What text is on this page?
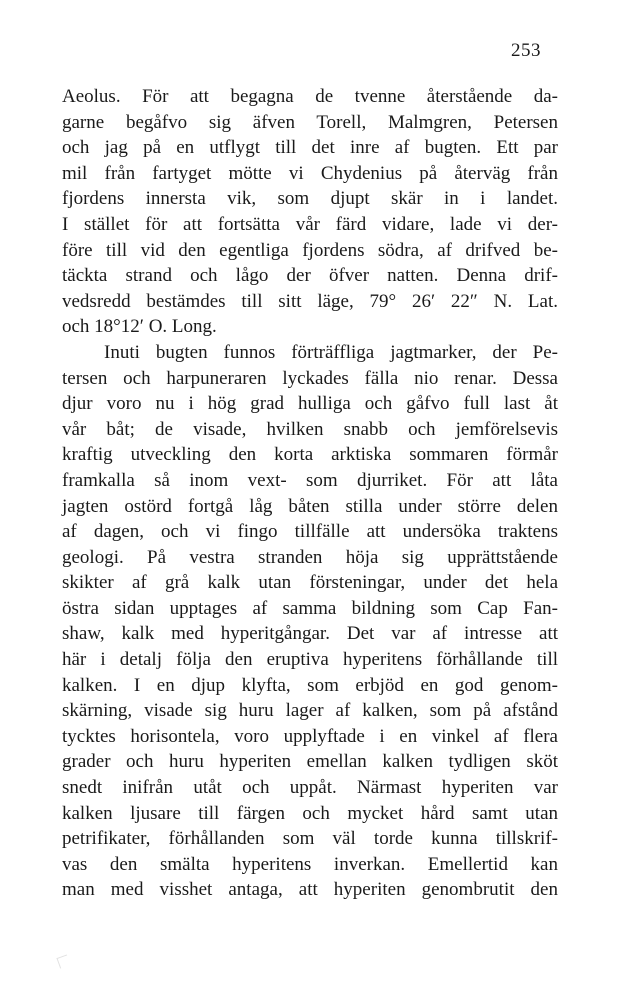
253
Aeolus. För att begagna de tvenne återstående da-
garne begåfvo sig äfven Torell, Malmgren, Petersen
och jag på en utflygt till det inre af bugten. Ett par
mil från fartyget mötte vi Chydenius på återväg från
fjordens innersta vik, som djupt skär in i landet.
I stället för att fortsätta vår färd vidare, lade vi der-
före till vid den egentliga fjordens södra, af drifved be-
täckta strand och lågo der öfver natten. Denna drif-
vedsredd bestämdes till sitt läge, 79° 26′ 22″ N. Lat.
och 18°12′ O. Long.
Inuti bugten funnos förträffliga jagtmarker, der Pe-
tersen och harpuneraren lyckades fälla nio renar. Dessa
djur voro nu i hög grad hulliga och gåfvo full last åt
vår båt; de visade, hvilken snabb och jemförelsevis
kraftig utveckling den korta arktiska sommaren förmår
framkalla så inom vext- som djurriket. För att låta
jagten ostörd fortgå låg båten stilla under större delen
af dagen, och vi fingo tillfälle att undersöka traktens
geologi. På vestra stranden höja sig upprättstående
skikter af grå kalk utan försteningar, under det hela
östra sidan upptages af samma bildning som Cap Fan-
shaw, kalk med hyperitgångar. Det var af intresse att
här i detalj följa den eruptiva hyperitens förhållande till
kalken. I en djup klyfta, som erbjöd en god genom-
skärning, visade sig huru lager af kalken, som på afstånd
tycktes horisontela, voro upplyftade i en vinkel af flera
grader och huru hyperiten emellan kalken tydligen sköt
snedt inifrån utåt och uppåt. Närmast hyperiten var
kalken ljusare till färgen och mycket hård samt utan
petrifikater, förhållanden som väl torde kunna tillskrif-
vas den smälta hyperitens inverkan. Emellertid kan
man med visshet antaga, att hyperiten genombrutit den
